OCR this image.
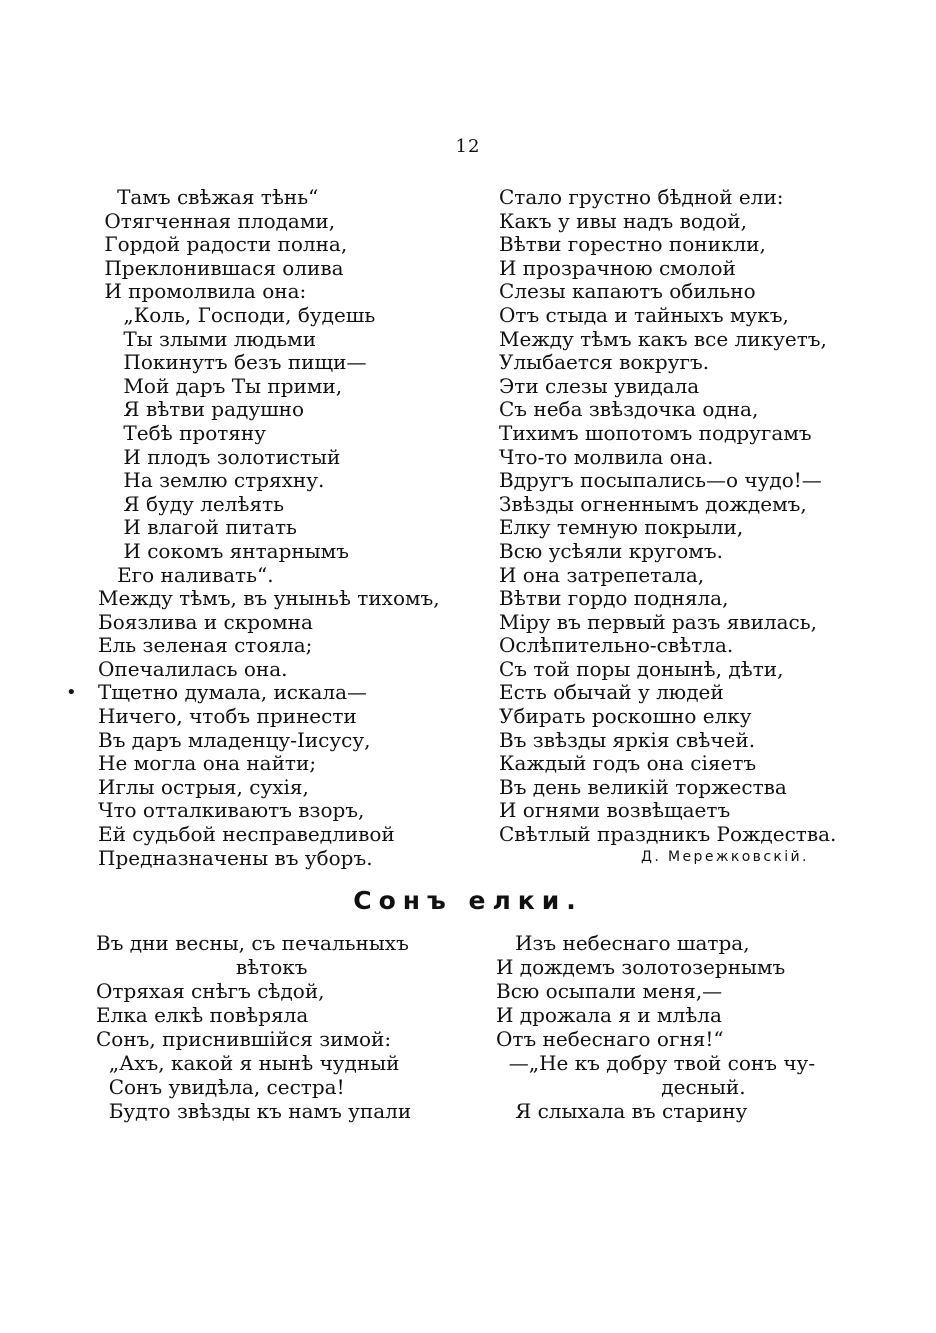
12
Тамъ свѣжая тѣнь“
Отягченная плодами,
Гордой радости полна,
Преклонившася олива
И промолвила она:
„Коль, Господи, будешь
Ты злыми людьми
Покинутъ безъ пищи—
Мой даръ Ты прими,
Я вѣтви радушно
Тебѣ протяну
И плодъ золотистый
На землю стряхну.
Я буду лелѣять
И влагой питать
И сокомъ янтарнымъ
Его наливать“.
Между тѣмъ, въ уныньѣ тихомъ,
Боязлива и скромна
Ель зеленая стояла;
Опечалилась она.
Тщетно думала, искала—
Ничего, чтобъ принести
Въ даръ младенцу-Іисусу,
Не могла она найти;
Иглы острыя, сухія,
Что отталкиваютъ взоръ,
Ей судьбой несправедливой
Предназначены въ уборъ.
Стало грустно бѣдной ели:
Какъ у ивы надъ водой,
Вѣтви горестно поникли,
И прозрачною смолой
Слезы капаютъ обильно
Отъ стыда и тайныхъ мукъ,
Между тѣмъ какъ все ликуетъ,
Улыбается вокругъ.
Эти слезы увидала
Съ неба звѣздочка одна,
Тихимъ шопотомъ подругамъ
Что-то молвила она.
Вдругъ посыпались—о чудо!—
Звѣзды огненнымъ дождемъ,
Елку темную покрыли,
Всю усѣяли кругомъ.
И она затрепетала,
Вѣтви гордо подняла,
Міру въ первый разъ явилась,
Ослѣпительно-свѣтла.
Съ той поры донынѣ, дѣти,
Есть обычай у людей
Убирать роскошно елку
Въ звѣзды яркія свѣчей.
Каждый годъ она сіяетъ
Въ день великій торжества
И огнями возвѣщаетъ
Свѣтлый праздникъ Рождества.
•
Д. Мережковскій.
Сонъ елки.
Въ дни весны, съ печальныхъ
вѣтокъ
Отряхая снѣгъ сѣдой,
Елка елкѣ повѣряла
Сонъ, приснившійся зимой:
„Ахъ, какой я нынѣ чудный
Сонъ увидѣла, сестра!
Будто звѣзды къ намъ упали
Изъ небеснаго шатра,
И дождемъ золотозернымъ
Всю осыпали меня,—
И дрожала я и млѣла
Отъ небеснаго огня!“
—„Не къ добру твой сонъ чу-
десный.
Я слыхала въ старину
